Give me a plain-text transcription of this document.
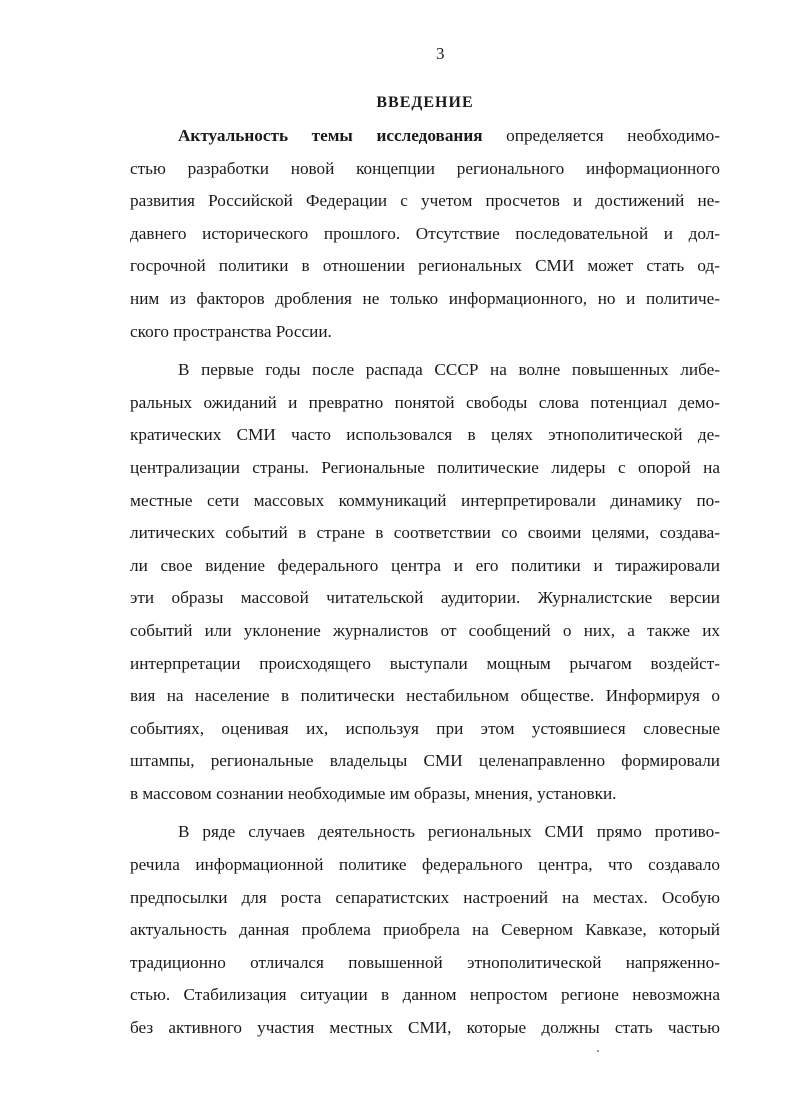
3
ВВЕДЕНИЕ
Актуальность темы исследования определяется необходимо-
стью разработки новой концепции регионального информационного
развития Российской Федерации с учетом просчетов и достижений не-
давнего исторического прошлого. Отсутствие последовательной и дол-
госрочной политики в отношении региональных СМИ может стать од-
ним из факторов дробления не только информационного, но и политиче-
ского пространства России.
В первые годы после распада СССР на волне повышенных либе-
ральных ожиданий и превратно понятой свободы слова потенциал демо-
кратических СМИ часто использовался в целях этнополитической де-
централизации страны. Региональные политические лидеры с опорой на
местные сети массовых коммуникаций интерпретировали динамику по-
литических событий в стране в соответствии со своими целями, создава-
ли свое видение федерального центра и его политики и тиражировали
эти образы массовой читательской аудитории. Журналистские версии
событий или уклонение журналистов от сообщений о них, а также их
интерпретации происходящего выступали мощным рычагом воздейст-
вия на население в политически нестабильном обществе. Информируя о
событиях, оценивая их, используя при этом устоявшиеся словесные
штампы, региональные владельцы СМИ целенаправленно формировали
в массовом сознании необходимые им образы, мнения, установки.
В ряде случаев деятельность региональных СМИ прямо противо-
речила информационной политике федерального центра, что создавало
предпосылки для роста сепаратистских настроений на местах. Особую
актуальность данная проблема приобрела на Северном Кавказе, который
традиционно отличался повышенной этнополитической напряженно-
стью. Стабилизация ситуации в данном непростом регионе невозможна
без активного участия местных СМИ, которые должны стать частью
